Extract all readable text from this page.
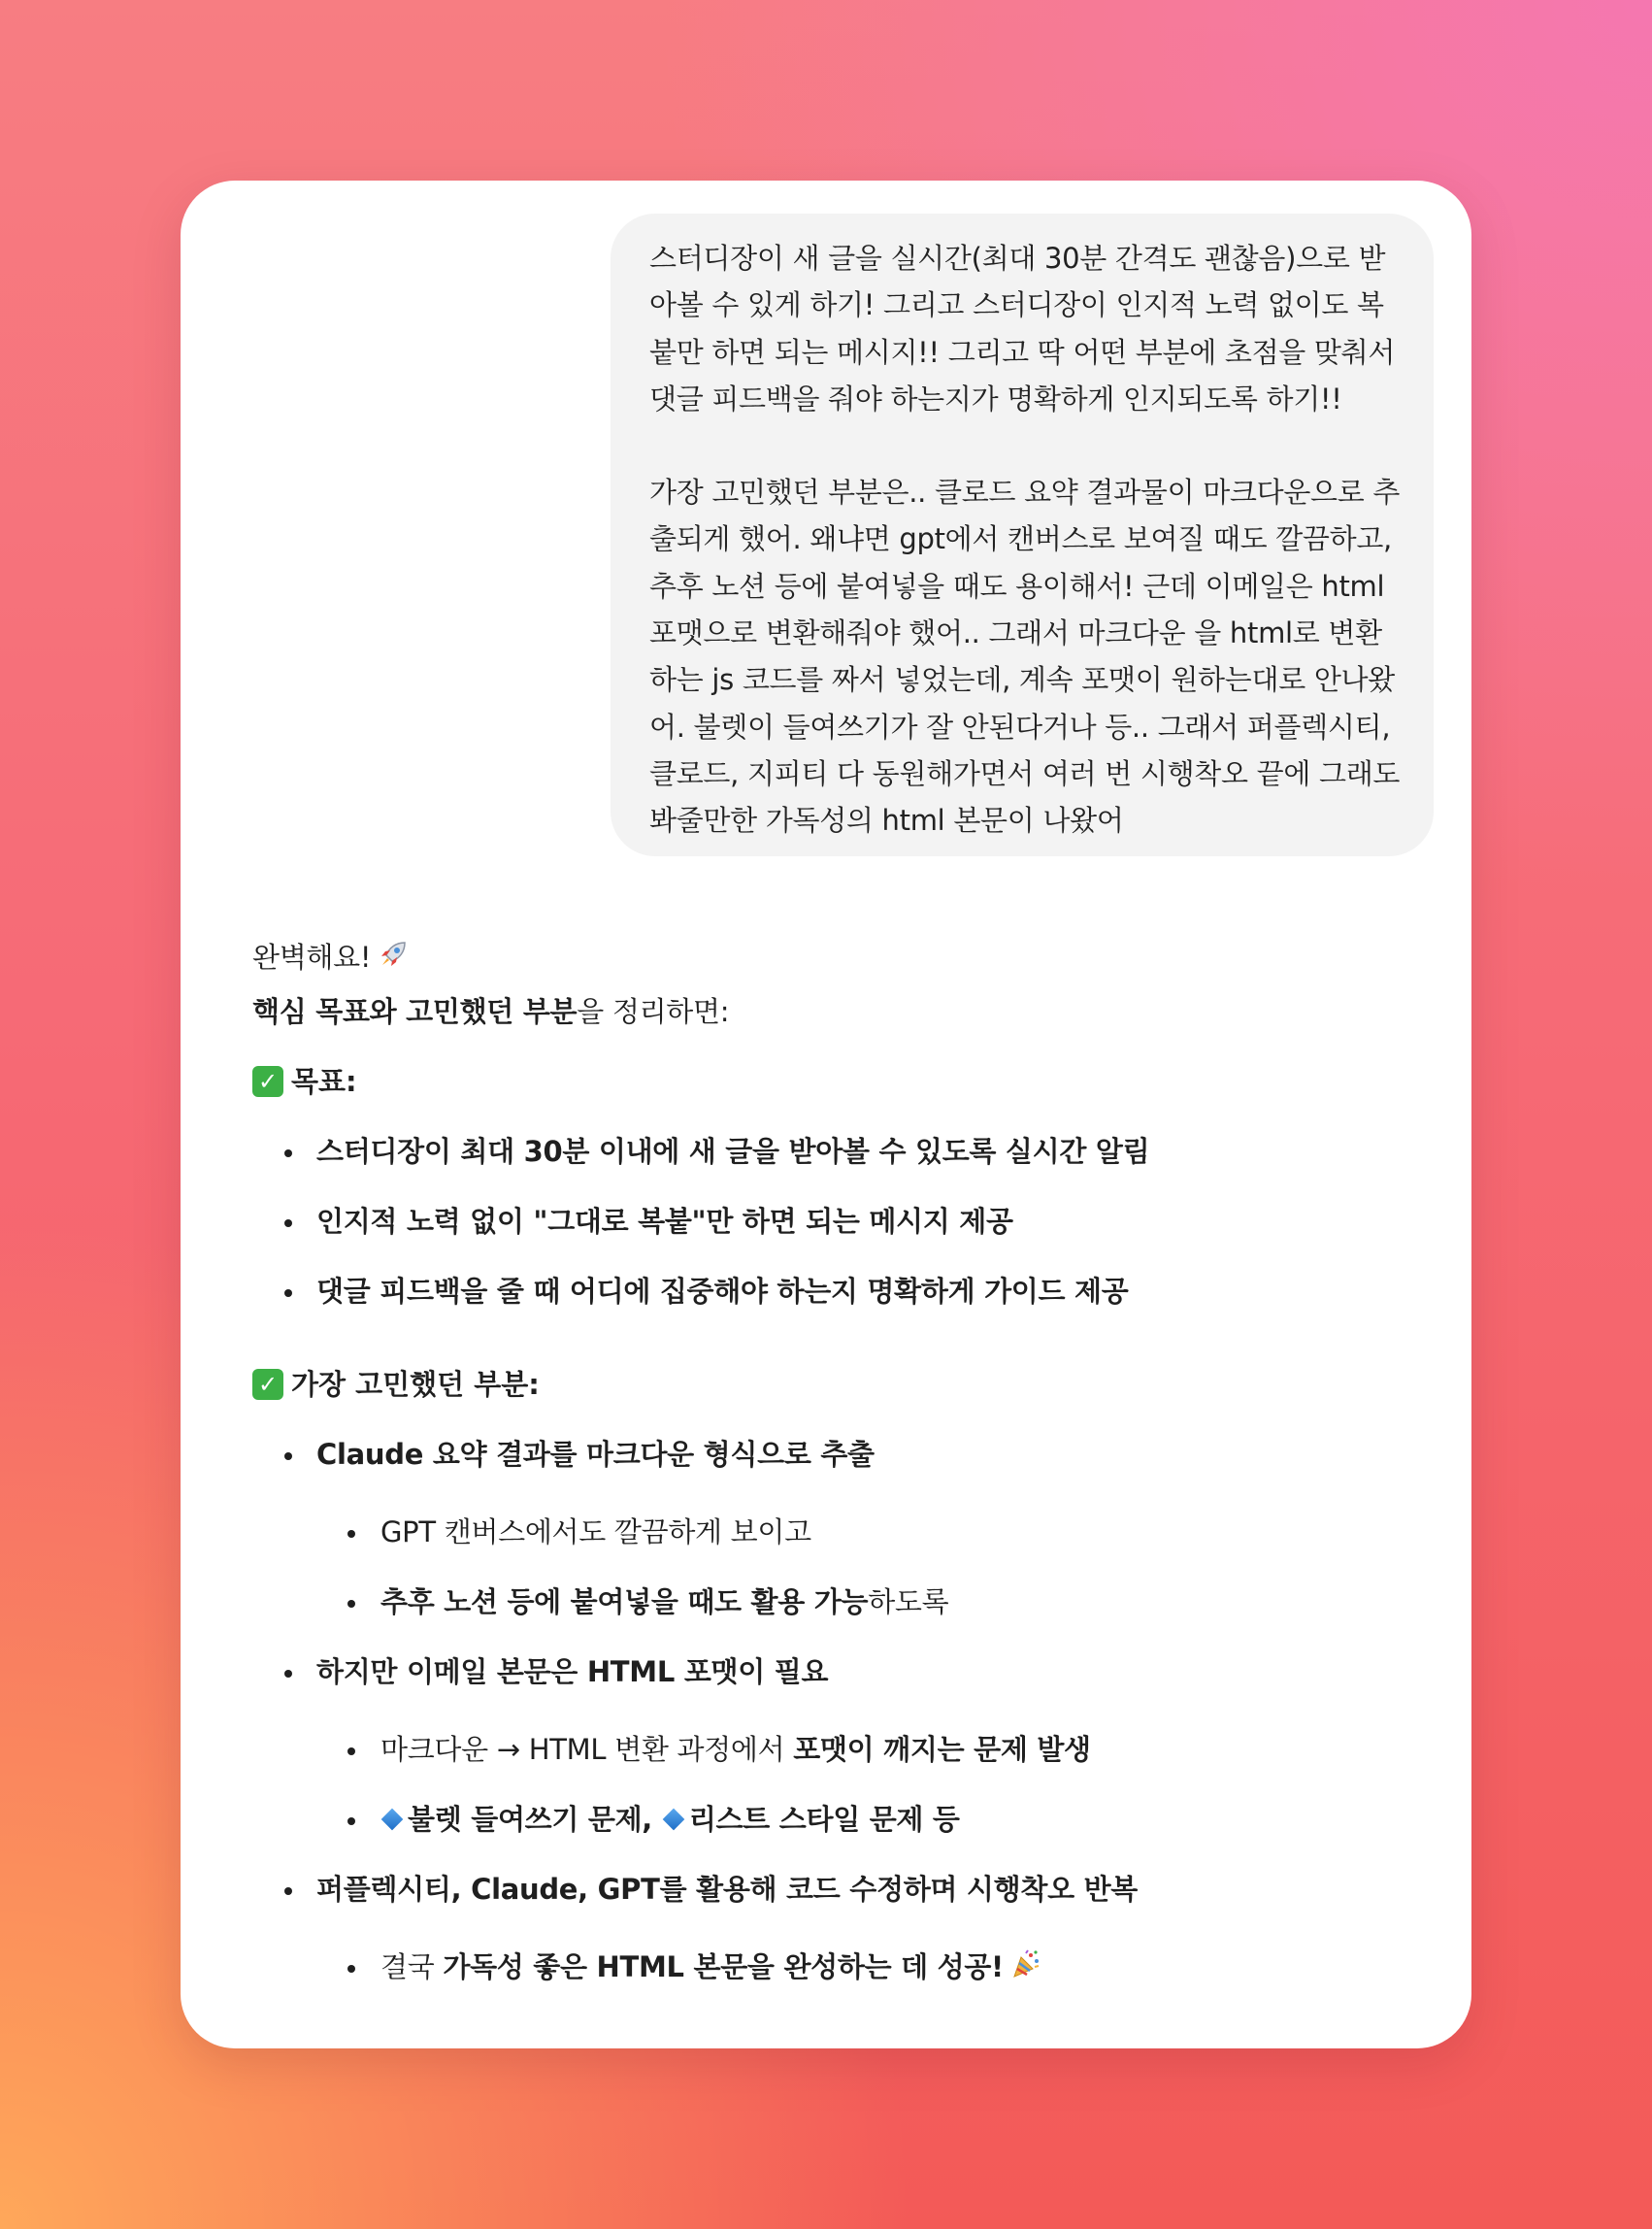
스터디장이 새 글을 실시간(최대 30분 간격도 괜찮음)으로 받
아볼 수 있게 하기! 그리고 스터디장이 인지적 노력 없이도 복
붙만 하면 되는 메시지!! 그리고 딱 어떤 부분에 초점을 맞춰서
댓글 피드백을 줘야 하는지가 명확하게 인지되도록 하기!!

가장 고민했던 부분은.. 클로드 요약 결과물이 마크다운으로 추
출되게 했어. 왜냐면 gpt에서 캔버스로 보여질 때도 깔끔하고,
추후 노션 등에 붙여넣을 때도 용이해서! 근데 이메일은 html
포맷으로 변환해줘야 했어.. 그래서 마크다운 을 html로 변환
하는 js 코드를 짜서 넣었는데, 계속 포맷이 원하는대로 안나왔
어. 불렛이 들여쓰기가 잘 안된다거나 등.. 그래서 퍼플렉시티,
클로드, 지피티 다 동원해가면서 여러 번 시행착오 끝에 그래도
봐줄만한 가독성의 html 본문이 나왔어

완벽해요!
핵심 목표와 고민했던 부분을 정리하면:
✓ 목표:
스터디장이 최대 30분 이내에 새 글을 받아볼 수 있도록 실시간 알림
인지적 노력 없이 "그대로 복붙"만 하면 되는 메시지 제공
댓글 피드백을 줄 때 어디에 집중해야 하는지 명확하게 가이드 제공
✓ 가장 고민했던 부분:
Claude 요약 결과를 마크다운 형식으로 추출
GPT 캔버스에서도 깔끔하게 보이고
추후 노션 등에 붙여넣을 때도 활용 가능하도록
하지만 이메일 본문은 HTML 포맷이 필요
마크다운 → HTML 변환 과정에서 포맷이 깨지는 문제 발생
불렛 들여쓰기 문제, 리스트 스타일 문제 등
퍼플렉시티, Claude, GPT를 활용해 코드 수정하며 시행착오 반복
결국 가독성 좋은 HTML 본문을 완성하는 데 성공!
